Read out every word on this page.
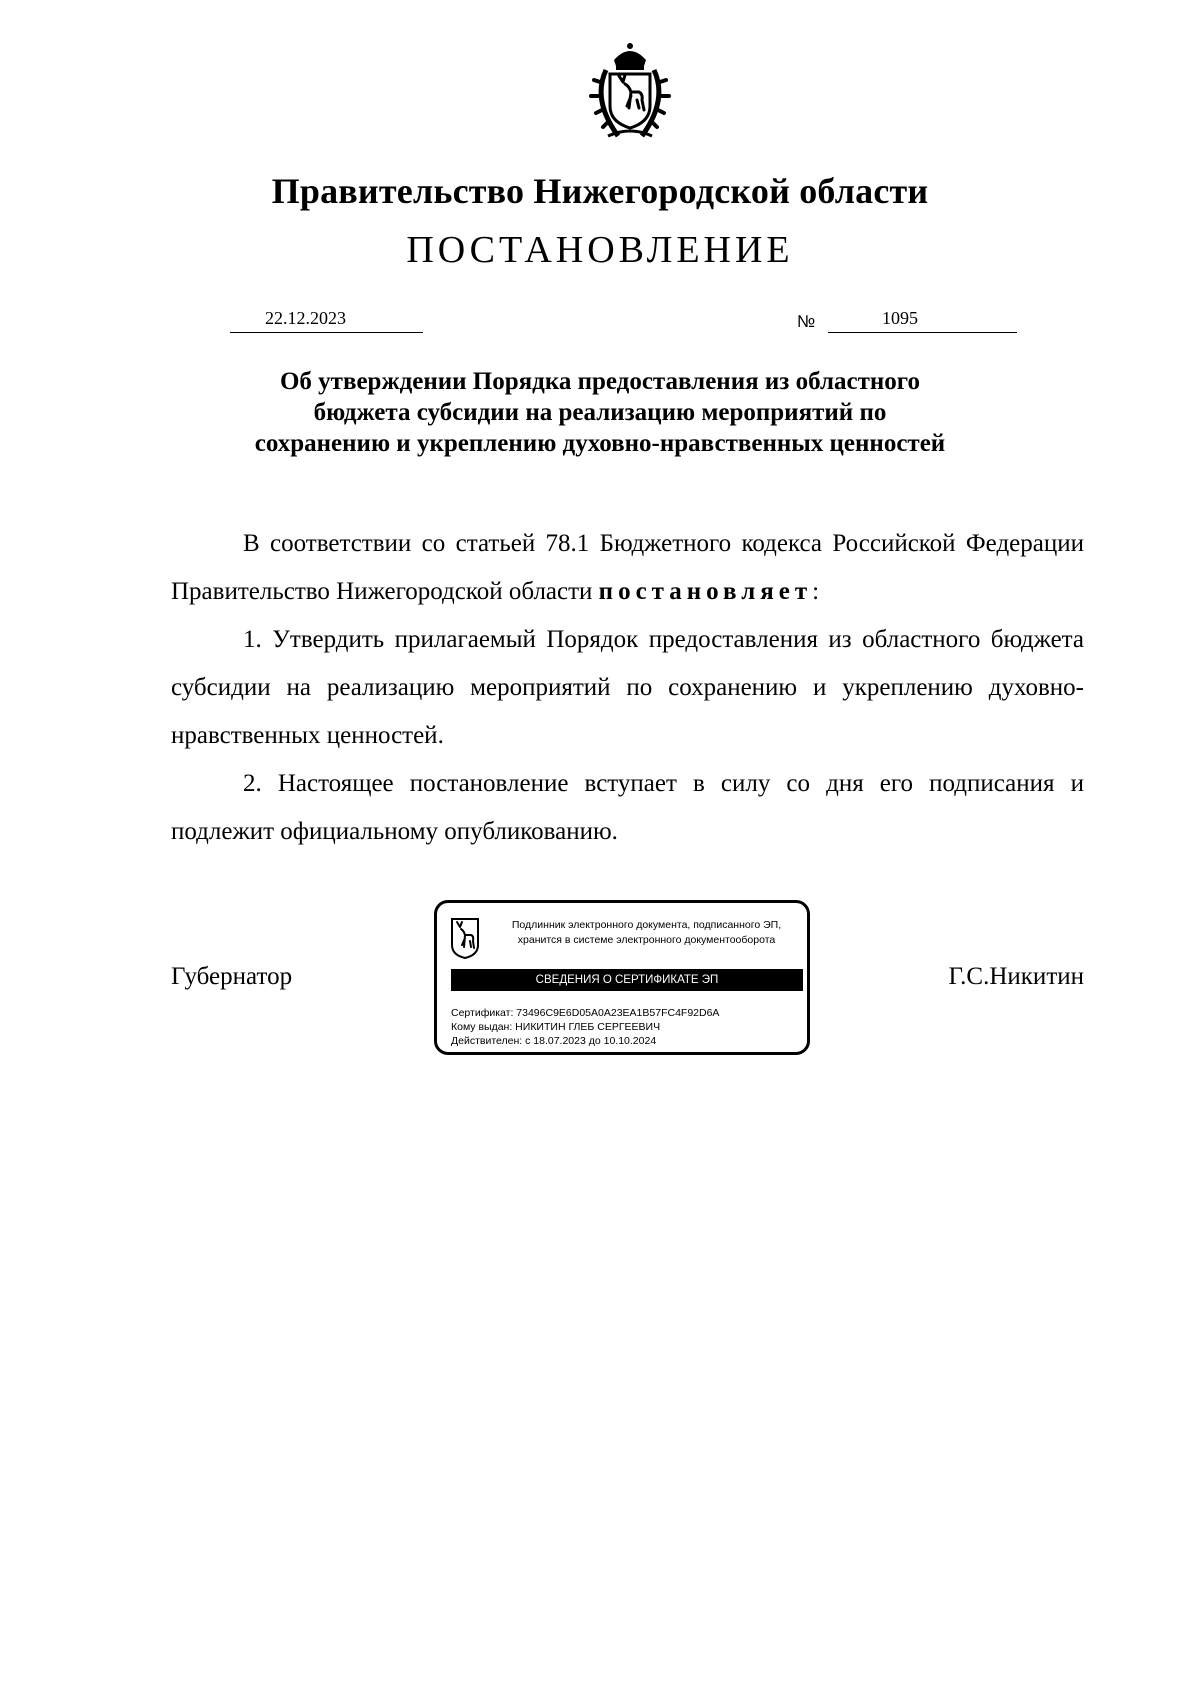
Правительство Нижегородской области
ПОСТАНОВЛЕНИЕ
22.12.2023	№	1095
Об утверждении Порядка предоставления из областного
бюджета субсидии на реализацию мероприятий по
сохранению и укреплению духовно-нравственных ценностей

В соответствии со статьей 78.1 Бюджетного кодекса Российской Федерации Правительство Нижегородской области постановляет:

1. Утвердить прилагаемый Порядок предоставления из областного бюджета субсидии на реализацию мероприятий по сохранению и укреплению духовно-нравственных ценностей.

2. Настоящее постановление вступает в силу со дня его подписания и подлежит официальному опубликованию.

Губернатор	Г.С.Никитин
Подлинник электронного документа, подписанного ЭП,
хранится в системе электронного документооборота
СВЕДЕНИЯ О СЕРТИФИКАТЕ ЭП
Сертификат: 73496C9E6D05A0A23EA1B57FC4F92D6A
Кому выдан: НИКИТИН ГЛЕБ СЕРГЕЕВИЧ
Действителен: с 18.07.2023 до 10.10.2024
